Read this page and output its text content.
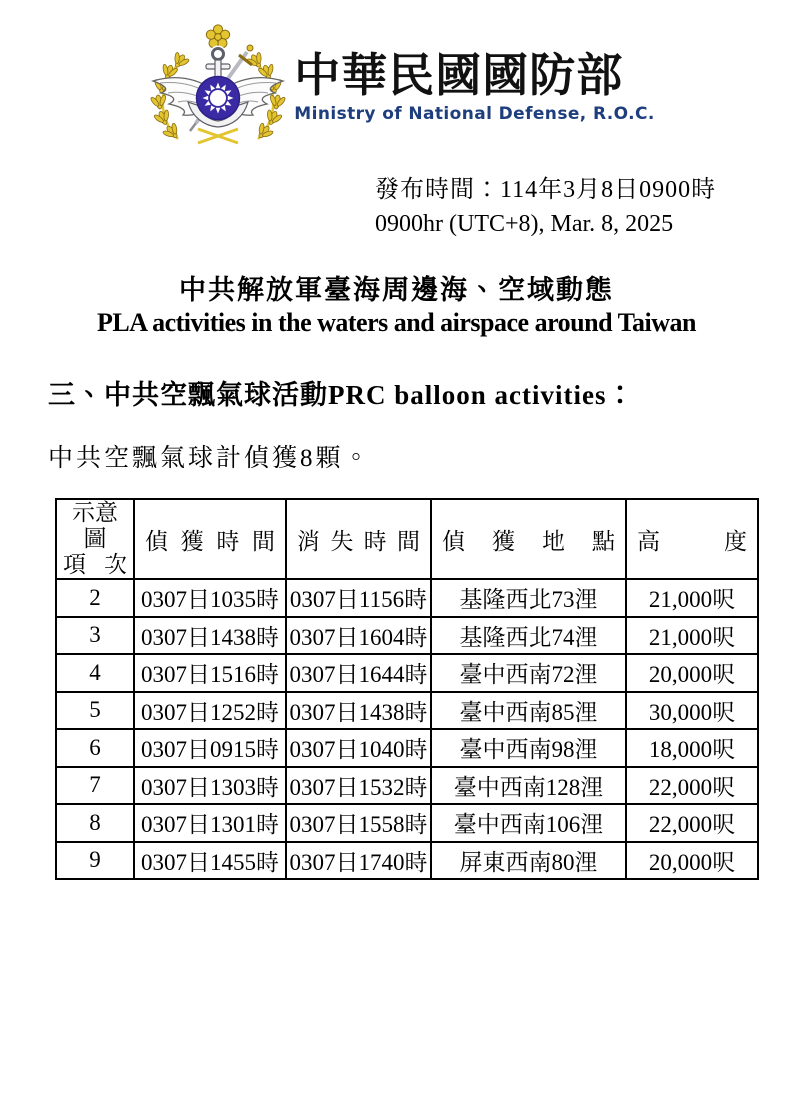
中華民國國防部
Ministry of National Defense, R.O.C.
發布時間：114年3月8日0900時
0900hr (UTC+8), Mar. 8, 2025
中共解放軍臺海周邊海、空域動態
PLA activities in the waters and airspace around Taiwan
三、中共空飄氣球活動PRC balloon activities：
中共空飄氣球計偵獲8顆。
示意圖
項 次	偵 獲 時 間	消 失 時 間	偵 獲 地 點	高 度

2	0307日1035時	0307日1156時	基隆西北73浬	21,000呎
3	0307日1438時	0307日1604時	基隆西北74浬	21,000呎
4	0307日1516時	0307日1644時	臺中西南72浬	20,000呎
5	0307日1252時	0307日1438時	臺中西南85浬	30,000呎
6	0307日0915時	0307日1040時	臺中西南98浬	18,000呎
7	0307日1303時	0307日1532時	臺中西南128浬	22,000呎
8	0307日1301時	0307日1558時	臺中西南106浬	22,000呎
9	0307日1455時	0307日1740時	屏東西南80浬	20,000呎
